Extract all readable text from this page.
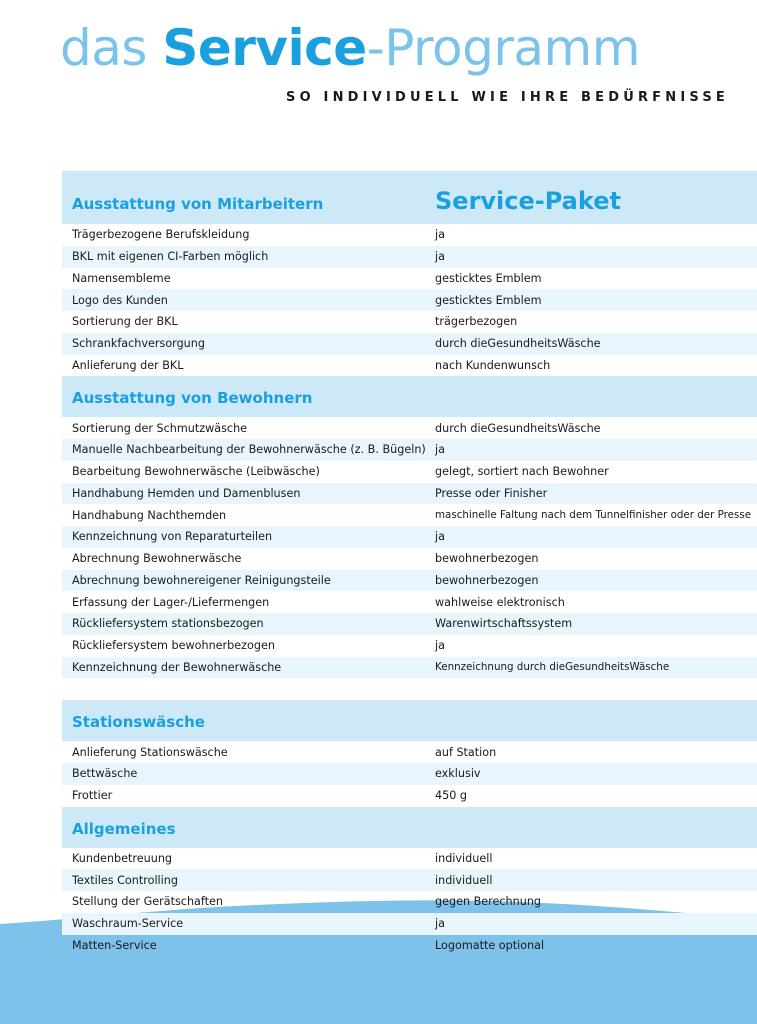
das Service-Programm

SO INDIVIDUELL WIE IHRE BEDÜRFNISSE

Ausstattung von Mitarbeitern	Service-Paket
Trägerbezogene Berufskleidung	ja
BKL mit eigenen CI-Farben möglich	ja
Namensembleme	gesticktes Emblem
Logo des Kunden	gesticktes Emblem
Sortierung der BKL	trägerbezogen
Schrankfachversorgung	durch dieGesundheitsWäsche
Anlieferung der BKL	nach Kundenwunsch
Ausstattung von Bewohnern
Sortierung der Schmutzwäsche	durch dieGesundheitsWäsche
Manuelle Nachbearbeitung der Bewohnerwäsche (z. B. Bügeln) ja
Bearbeitung Bewohnerwäsche (Leibwäsche)	gelegt, sortiert nach Bewohner
Handhabung Hemden und Damenblusen	Presse oder Finisher
Handhabung Nachthemden	maschinelle Faltung nach dem Tunnelfinisher oder der Presse
Kennzeichnung von Reparaturteilen	ja
Abrechnung Bewohnerwäsche	bewohnerbezogen
Abrechnung bewohnereigener Reinigungsteile	bewohnerbezogen
Erfassung der Lager-/Liefermengen	wahlweise elektronisch
Rückliefersystem stationsbezogen	Warenwirtschaftssystem
Rückliefersystem bewohnerbezogen	ja
Kennzeichnung der Bewohnerwäsche	Kennzeichnung durch dieGesundheitsWäsche
Stationswäsche
Anlieferung Stationswäsche	auf Station
Bettwäsche	exklusiv
Frottier	450 g
Allgemeines
Kundenbetreuung	individuell
Textiles Controlling	individuell
Stellung der Gerätschaften	gegen Berechnung
Waschraum-Service	ja
Matten-Service	Logomatte optional
